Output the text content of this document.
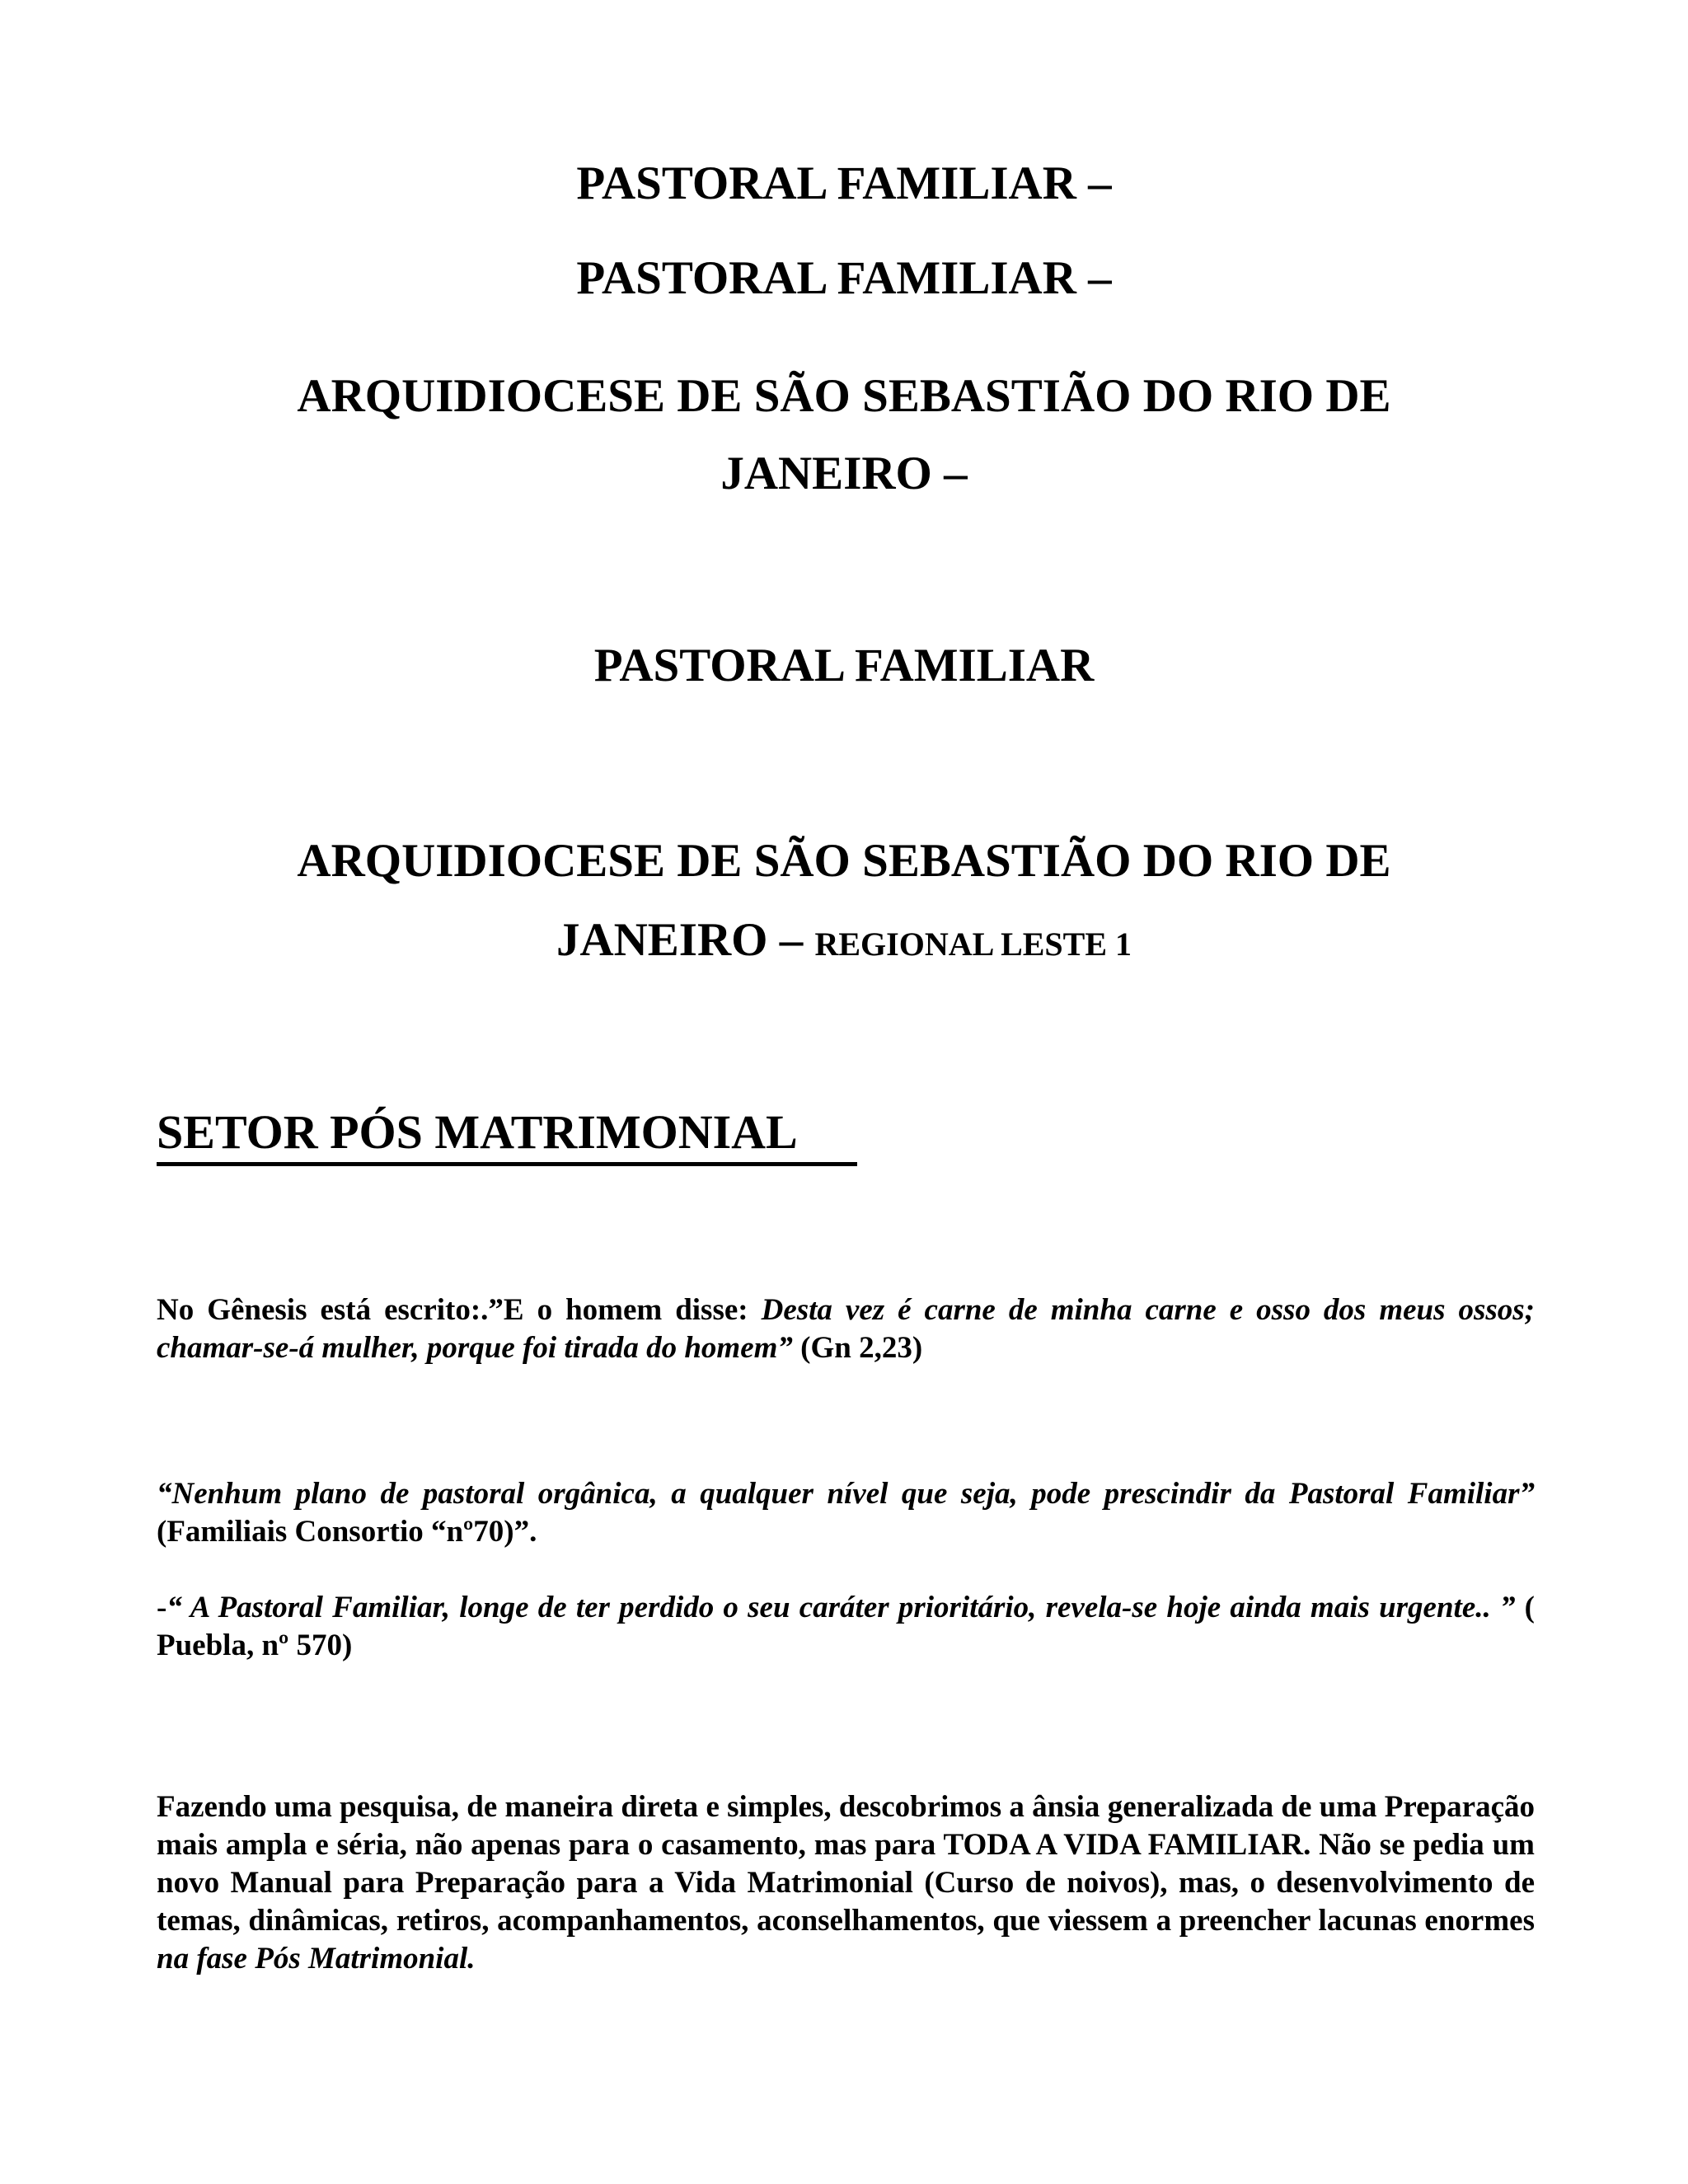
PASTORAL FAMILIAR –
PASTORAL FAMILIAR –
ARQUIDIOCESE DE SÃO SEBASTIÃO DO RIO DE
JANEIRO –
PASTORAL FAMILIAR
ARQUIDIOCESE DE SÃO SEBASTIÃO DO RIO DE
JANEIRO – REGIONAL LESTE 1
SETOR PÓS MATRIMONIAL
No Gênesis está escrito:.”E o homem disse: Desta vez é carne de minha carne e osso dos meus ossos; chamar-se-á mulher, porque foi tirada do homem” (Gn 2,23)
“Nenhum plano de pastoral orgânica, a qualquer nível que seja, pode prescindir da Pastoral Familiar” (Familiais Consortio “nº70)”.
-“ A Pastoral Familiar, longe de ter perdido o seu caráter prioritário, revela-se hoje ainda mais urgente.. ” ( Puebla, nº 570)
Fazendo uma pesquisa, de maneira direta e simples, descobrimos a ânsia generalizada de uma Preparação mais ampla e séria, não apenas para o casamento, mas para TODA A VIDA FAMILIAR. Não se pedia um novo Manual para Preparação para a Vida Matrimonial (Curso de noivos), mas, o desenvolvimento de temas, dinâmicas, retiros, acompanhamentos, aconselhamentos, que viessem a preencher lacunas enormes na fase Pós Matrimonial.
